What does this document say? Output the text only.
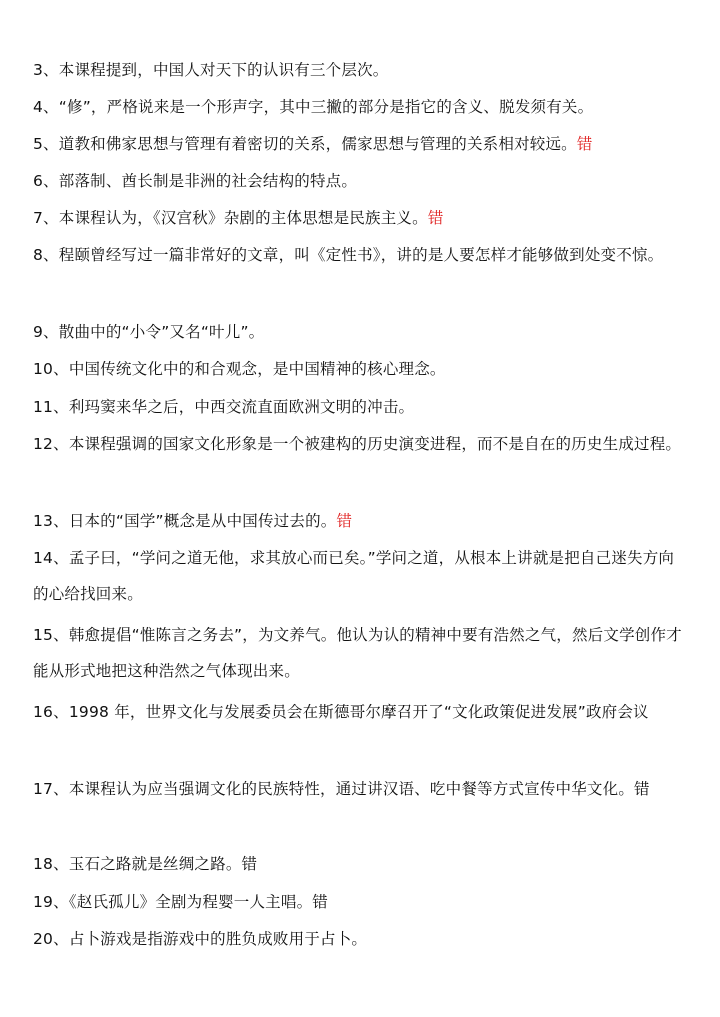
3、本课程提到，中国人对天下的认识有三个层次。
4、“修”，严格说来是一个形声字，其中三撇的部分是指它的含义、脱发须有关。
5、道教和佛家思想与管理有着密切的关系，儒家思想与管理的关系相对较远。错
6、部落制、酋长制是非洲的社会结构的特点。
7、本课程认为，《汉宫秋》杂剧的主体思想是民族主义。错
8、程颐曾经写过一篇非常好的文章，叫《定性书》，讲的是人要怎样才能够做到处变不惊。
9、散曲中的“小令”又名“叶儿”。
10、中国传统文化中的和合观念，是中国精神的核心理念。
11、利玛窦来华之后，中西交流直面欧洲文明的冲击。
12、本课程强调的国家文化形象是一个被建构的历史演变进程，而不是自在的历史生成过程。
13、日本的“国学”概念是从中国传过去的。错
14、孟子曰，“学问之道无他，求其放心而已矣。”学问之道，从根本上讲就是把自己迷失方向的心给找回来。
15、韩愈提倡“惟陈言之务去”，为文养气。他认为认的精神中要有浩然之气，然后文学创作才能从形式地把这种浩然之气体现出来。
16、1998 年，世界文化与发展委员会在斯德哥尔摩召开了“文化政策促进发展”政府会议
17、本课程认为应当强调文化的民族特性，通过讲汉语、吃中餐等方式宣传中华文化。错
18、玉石之路就是丝绸之路。错
19、《赵氏孤儿》全剧为程婴一人主唱。错
20、占卜游戏是指游戏中的胜负成败用于占卜。
